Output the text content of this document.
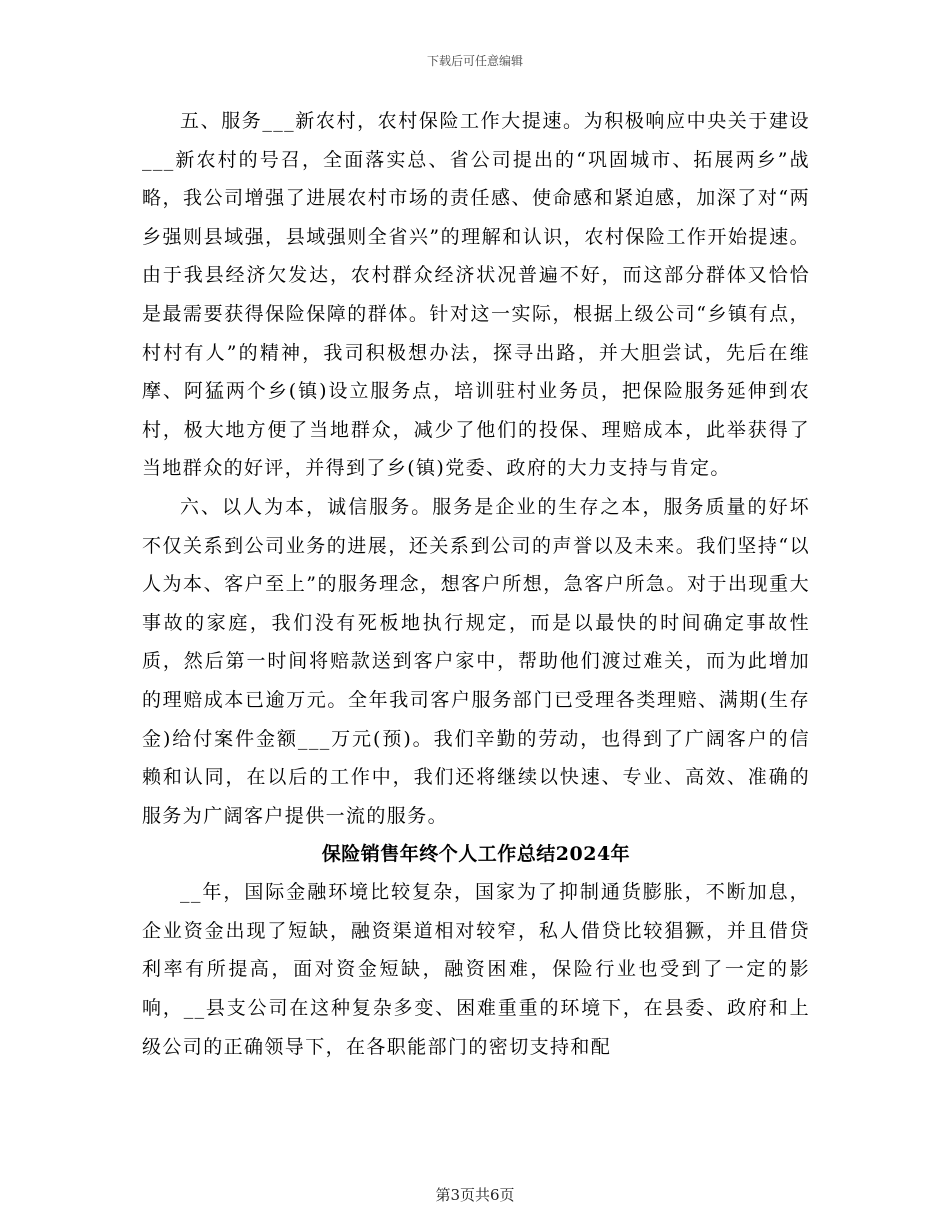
下载后可任意编辑

五、服务___新农村，农村保险工作大提速。为积极响应中央关于建设___新农村的号召，全面落实总、省公司提出的“巩固城市、拓展两乡”战略，我公司增强了进展农村市场的责任感、使命感和紧迫感，加深了对“两乡强则县域强，县域强则全省兴”的理解和认识，农村保险工作开始提速。由于我县经济欠发达，农村群众经济状况普遍不好，而这部分群体又恰恰是最需要获得保险保障的群体。针对这一实际，根据上级公司“乡镇有点，村村有人”的精神，我司积极想办法，探寻出路，并大胆尝试，先后在维摩、阿猛两个乡(镇)设立服务点，培训驻村业务员，把保险服务延伸到农村，极大地方便了当地群众，减少了他们的投保、理赔成本，此举获得了当地群众的好评，并得到了乡(镇)党委、政府的大力支持与肯定。

六、以人为本，诚信服务。服务是企业的生存之本，服务质量的好坏不仅关系到公司业务的进展，还关系到公司的声誉以及未来。我们坚持“以人为本、客户至上”的服务理念，想客户所想，急客户所急。对于出现重大事故的家庭，我们没有死板地执行规定，而是以最快的时间确定事故性质，然后第一时间将赔款送到客户家中，帮助他们渡过难关，而为此增加的理赔成本已逾万元。全年我司客户服务部门已受理各类理赔、满期(生存金)给付案件金额___万元(预)。我们辛勤的劳动，也得到了广阔客户的信赖和认同，在以后的工作中，我们还将继续以快速、专业、高效、准确的服务为广阔客户提供一流的服务。

保险销售年终个人工作总结2024年

__年，国际金融环境比较复杂，国家为了抑制通货膨胀，不断加息，企业资金出现了短缺，融资渠道相对较窄，私人借贷比较猖獗，并且借贷利率有所提高，面对资金短缺，融资困难，保险行业也受到了一定的影响，__县支公司在这种复杂多变、困难重重的环境下，在县委、政府和上级公司的正确领导下，在各职能部门的密切支持和配

第3页共6页
